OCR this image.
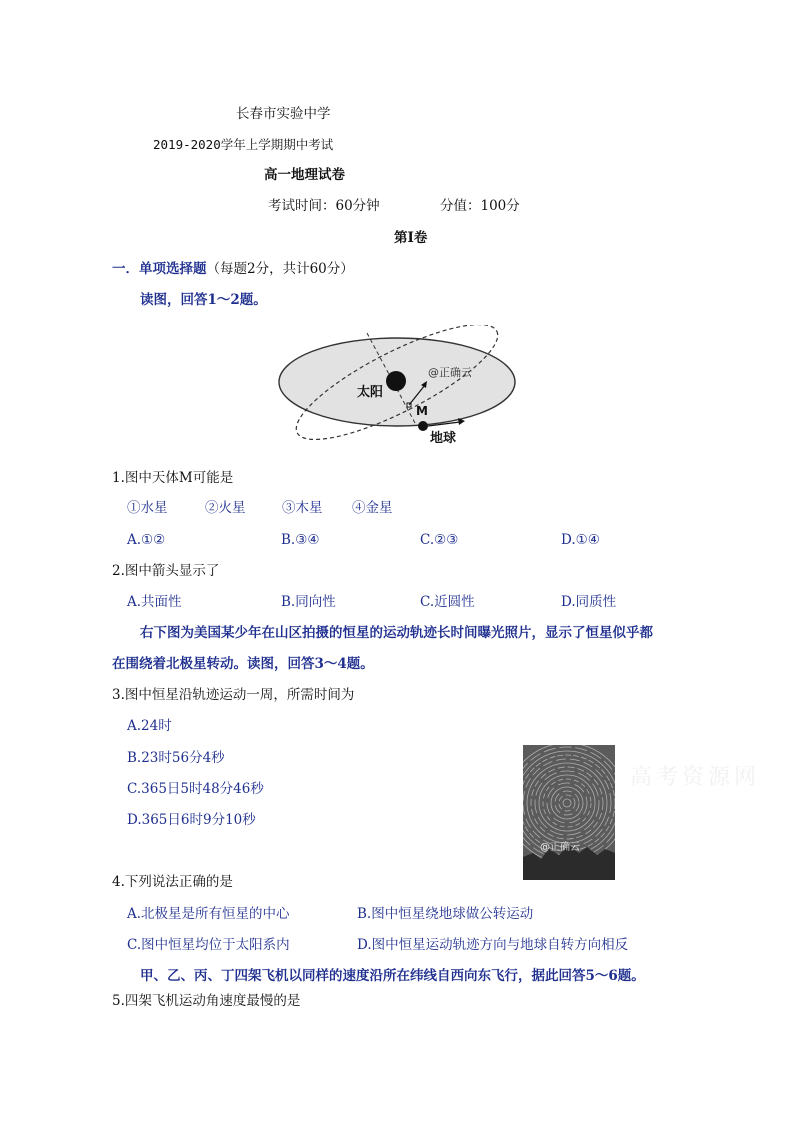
长春市实验中学
2019-2020学年上学期期中考试
高一地理试卷
考试时间：60分钟	分值：100分
第Ⅰ卷
一．单项选择题（每题2分，共计60分）
读图，回答1～2题。
太阳
M
地球
@正确云
1.图中天体M可能是
①水星	②火星	③木星 ④金星
A.①②	B.③④	C.②③	D.①④
2.图中箭头显示了
A.共面性	B.同向性	C.近圆性	D.同质性
右下图为美国某少年在山区拍摄的恒星的运动轨迹长时间曝光照片，显示了恒星似乎都
在围绕着北极星转动。读图，回答3～4题。
3.图中恒星沿轨迹运动一周，所需时间为
A.24时
B.23时56分4秒
C.365日5时48分46秒
D.365日6时9分10秒
@正确云
高考资源网
4.下列说法正确的是
A.北极星是所有恒星的中心	B.图中恒星绕地球做公转运动
C.图中恒星均位于太阳系内	D.图中恒星运动轨迹方向与地球自转方向相反
甲、乙、丙、丁四架飞机以同样的速度沿所在纬线自西向东飞行，据此回答5～6题。
5.四架飞机运动角速度最慢的是
